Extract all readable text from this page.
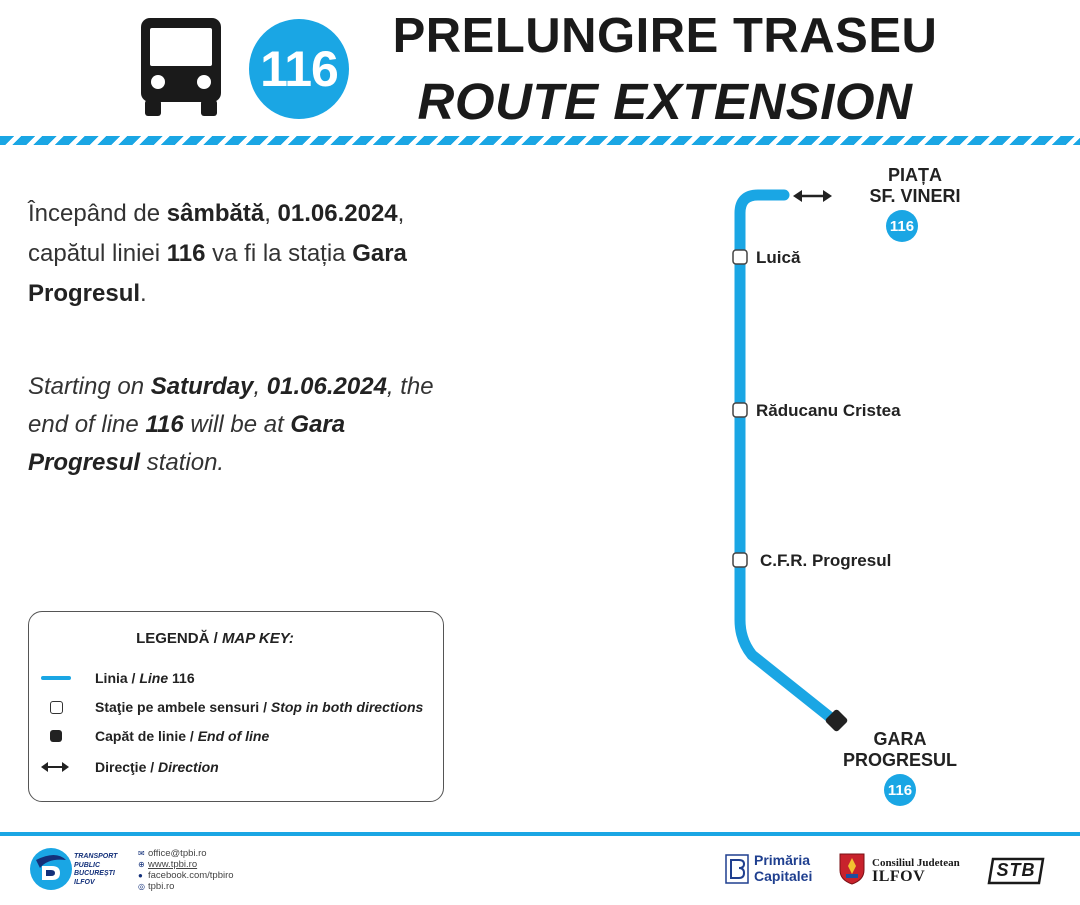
116
PRELUNGIRE TRASEU
ROUTE EXTENSION
Începând de sâmbătă, 01.06.2024, capătul liniei 116 va fi la stația Gara Progresul.
Starting on Saturday, 01.06.2024, the end of line 116 will be at Gara Progresul station.
LEGENDĂ / MAP KEY:
Linia / Line 116
Staţie pe ambele sensuri / Stop in both directions
Capăt de linie / End of line
Direcţie / Direction
PIAȚA
SF. VINERI
116
Luică
Răducanu Cristea
C.F.R. Progresul
GARA
PROGRESUL
116
TRANSPORT
PUBLIC
BUCUREȘTI
ILFOV
✉ office@tpbi.ro
⊕ www.tpbi.ro
● facebook.com/tpbiro
◎ tpbi.ro
Primăria
Capitalei
Consiliul Judetean
ILFOV	STB
